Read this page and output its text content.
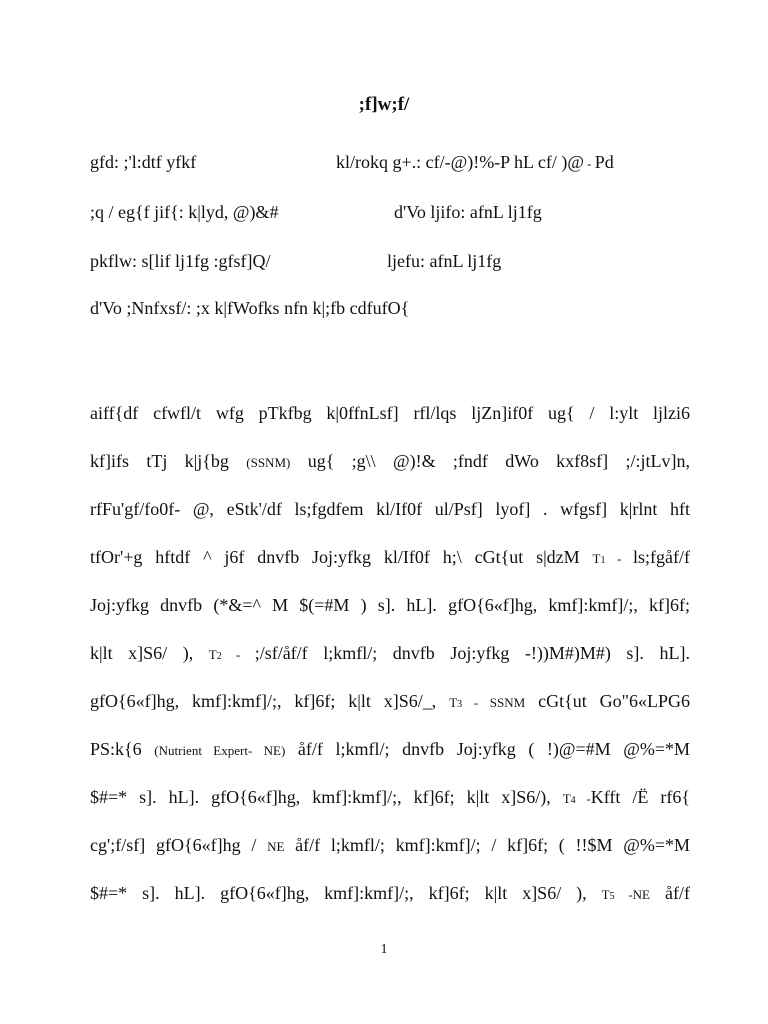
;f]w;f/
gfd: ;'l:dtf yfkf	kl/rokq g+.: cf/-@)!%-P hL cf/ )@ - Pd
;q / eg{f jif{: k|lyd, @)&#	d'Vo ljifo: afnL lj1fg
pkflw: s[lif lj1fg :gfsf]Q/	ljefu: afnL lj1fg
d'Vo ;Nnfxsf/: ;x k|fWofks nfn k|;fb cdfufO{
aiff{df cfwfl/t wfg pTkfbg k|0ffnLsf] rfl/lqs ljZn]if0f ug{ / l:ylt ljlzi6
kf]ifs tTj k|j{bg (SSNM) ug{ ;g\\ @)!& ;fndf dWo kxf8sf] ;/:jtLv]n,
rfFu'gf/fo0f- @, eStk'/df ls;fgdfem kl/If0f ul/Psf] lyof] . wfgsf] k|rlnt hft
tfOr'+g hftdf ^ j6f dnvfb Joj:yfkg kl/If0f h;\ cGt{ut s|dzM T1 - ls;fgåf/f
Joj:yfkg dnvfb (*&=^ M $(=#M ) s]. hL]. gfO{6«f]hg, kmf]:kmf]/;, kf]6f;
k|lt x]S6/ ), T2 - ;/sf/åf/f l;kmfl/; dnvfb Joj:yfkg -!))M#)M#) s]. hL].
gfO{6«f]hg, kmf]:kmf]/;, kf]6f; k|lt x]S6/_, T3 - SSNM cGt{ut Go"6«LPG6
PS:k{6 (Nutrient Expert- NE) åf/f l;kmfl/; dnvfb Joj:yfkg ( !)@=#M @%=*M
$#=* s]. hL]. gfO{6«f]hg, kmf]:kmf]/;, kf]6f; k|lt x]S6/), T4 -Kfft /Ë rf6{
cg';f/sf] gfO{6«f]hg / NE åf/f l;kmfl/; kmf]:kmf]/; / kf]6f; ( !!$M @%=*M
$#=* s]. hL]. gfO{6«f]hg, kmf]:kmf]/;, kf]6f; k|lt x]S6/ ), T5 -NE åf/f
1
